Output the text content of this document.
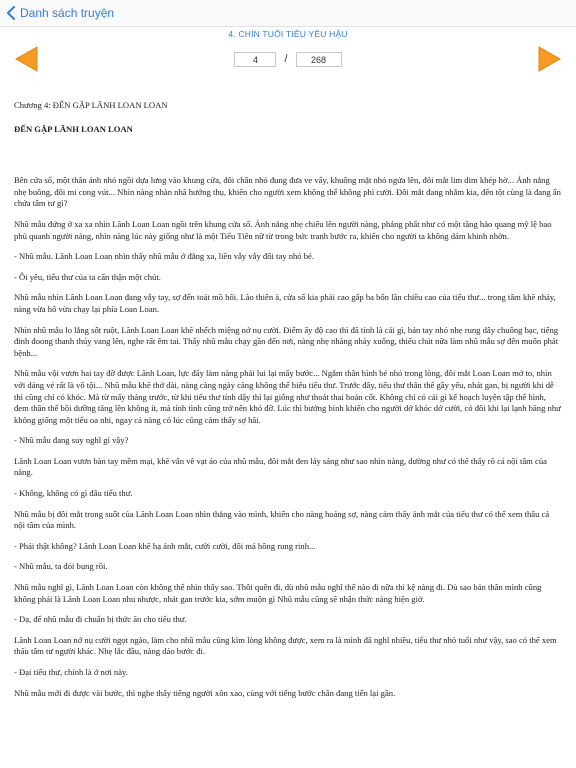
Danh sách truyện
4. CHÍN TUỔI TIỂU YÊU HẬU
4	/	268

Chương 4: ĐẾN GẶP LÃNH LOAN LOAN

ĐẾN GẶP LÃNH LOAN LOAN

Bên cửa sổ, một thân ảnh nhỏ ngồi dựa lưng vào khung cửa, đôi chân nhỏ đung đưa ve vẩy, khuông mặt nhỏ ngửa lên, đôi mắt lim dim khép hờ... Ánh nắng nhẹ buông, đôi mi cong vút... Nhìn nàng nhàn nhã hưởng thụ, khiến cho người xem không thể không phì cười. Đôi mắt đang nhắm kia, đến tột cùng là đang ẩn chứa tâm tư gì?

Nhũ mẫu đứng ở xa xa nhìn Lãnh Loan Loan ngồi trên khung cửa sổ. Ánh nắng nhẹ chiếu lên người nàng, phảng phất như có một tầng hào quang mỹ lệ bao phủ quanh người nàng, nhìn nàng lúc này giống như là một Tiểu Tiên nữ từ trong bức tranh bước ra, khiến cho người ta không dám khinh nhờn.

- Nhũ mẫu. Lãnh Loan Loan nhìn thấy nhũ mẫu ở đằng xa, liền vẫy vẫy đôi tay nhỏ bé.

- Ôi yêu, tiểu thư của ta cẩn thận một chút.

Nhũ mẫu nhìn Lãnh Loan Loan đang vẫy tay, sợ đến toát mồ hôi. Lão thiên à, cửa sổ kia phải cao gấp ba bốn lần chiều cao của tiểu thư... trong tâm khẽ nhảy, nàng vừa hô vừa chạy lại phía Loan Loan.

Nhìn nhũ mẫu lo lắng sốt ruột, Lãnh Loan Loan khẽ nhếch miệng nở nụ cười. Điểm ấy độ cao thì đã tính là cái gì, bản tay nhỏ nhẹ rung dây chuông bạc, tiếng đinh đoong thanh thúy vang lên, nghe rất êm tai. Thấy nhũ mẫu chạy gần đến nơi, nàng nhẹ nhàng nhảy xuống, thiếu chút nữa làm nhũ mẫu sợ đến muốn phát bệnh...

Nhũ mẫu vội vươn hai tay đỡ được Lãnh Loan, lực đẩy làm nàng phải lui lại mấy bước... Ngắm thân hình bé nhỏ trong lòng, đôi mắt Loan Loan mở to, nhìn với dáng vẻ rất là vô tội... Nhũ mẫu khẽ thở dài, nàng càng ngày càng không thể hiểu tiểu thư. Trước đây, tiểu thư thân thể gầy yếu, nhát gan, bị người khi dễ thì cũng chỉ có khóc. Mà từ mấy tháng trước, từ khi tiểu thư tỉnh dậy thì lại giống như thoát thai hoán cốt. Không chỉ có cái gì kế hoạch luyện tập thể hình, đem thân thể bồi dưỡng tăng lên không ít, mà tính tình cũng trở nên khó đỡ. Lúc thì bướng bỉnh khiến cho người dở khóc dở cười, có đôi khi lại lạnh băng như không giống một tiểu oa nhi, ngay cả nàng có lúc cũng cảm thấy sợ hãi.

- Nhũ mẫu đang suy nghĩ gì vậy?

Lãnh Loan Loan vươn bàn tay mềm mại, khẽ vân vê vạt áo của nhũ mẫu, đôi mắt đen láy sáng như sao nhìn nàng, dường như có thể thấy rõ cả nội tâm của nàng.

- Không, không có gì đâu tiểu thư.

Nhũ mẫu bị đôi mắt trong suốt của Lãnh Loan Loan nhìn thẳng vào mình, khiến cho nàng hoảng sợ, nàng cảm thấy ánh mắt của tiểu thư có thể xem thấu cả nội tâm của mình.

- Phải thật không? Lãnh Loan Loan khẽ hạ ánh mắt, cười cười, đôi má hồng rung rinh...

- Nhũ mẫu, ta đói bụng rồi.

Nhũ mẫu nghĩ gì, Lãnh Loan Loan còn không thể nhìn thấy sao. Thôi quên đi, dù nhũ mẫu nghĩ thế nào đi nữa thì kệ nàng đi. Dù sao bản thân mình cũng không phải là Lãnh Loan Loan nhu nhược, nhát gan trước kia, sớm muộn gì Nhũ mẫu cũng sẽ nhận thức nàng hiện giờ.

- Dạ, để nhũ mẫu đi chuẩn bị thức ăn cho tiểu thư.

Lãnh Loan Loan nở nụ cười ngọt ngào, làm cho nhũ mẫu cũng kìm lòng không được, xem ra là mình đã nghĩ nhiều, tiểu thư nhỏ tuổi như vậy, sao có thể xem thấu tâm tư người khác. Nhẹ lắc đầu, nàng dảo bước đi.

- Đại tiểu thư, chính là ở nơi này.

Nhũ mẫu mới đi được vài bước, thì nghe thấy tiếng người xôn xao, cùng với tiếng bước chân đang tiến lại gần.
